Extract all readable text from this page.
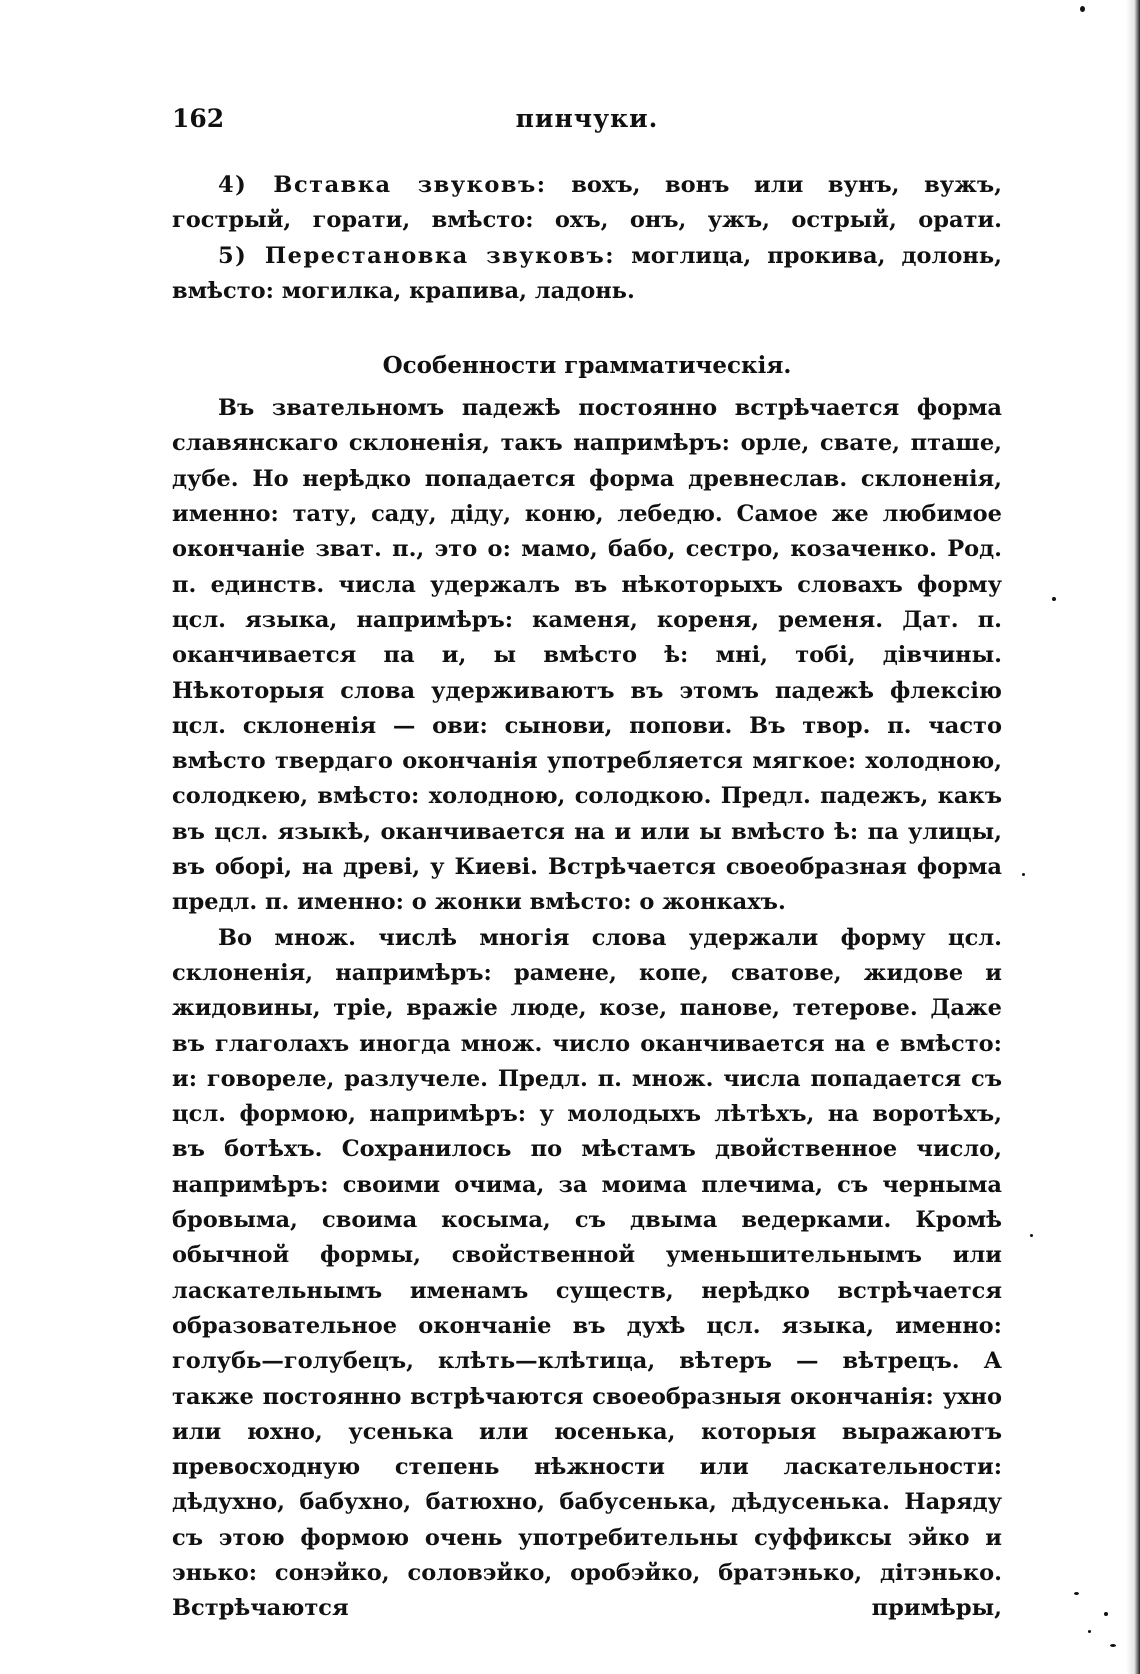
162	пинчуки.

4) Вставка звуковъ: вохъ, вонъ или вунъ, вужъ, гострый, горати, вмѣсто: охъ, онъ, ужъ, острый, орати.

5) Перестановка звуковъ: моглица, прокива, долонь, вмѣсто: могилка, крапива, ладонь.

Особенности грамматическія.

Въ звательномъ падежѣ постоянно встрѣчается форма славянскаго склоненія, такъ напримѣръ: орле, свате, пташе, дубе. Но нерѣдко попадается форма древнеслав. склоненія, именно: тату, саду, діду, коню, лебедю. Самое же любимое окончаніе зват. п., это о: мамо, бабо, сестро, козаченко. Род. п. единств. числа удержалъ въ нѣкоторыхъ словахъ форму цсл. языка, напримѣръ: каменя, кореня, ременя. Дат. п. оканчивается па и, ы вмѣсто ѣ: мні, тобі, дівчины. Нѣкоторыя слова удерживаютъ въ этомъ падежѣ флексію цсл. склоненія — ови: сынови, попови. Въ твор. п. часто вмѣсто твердаго окончанія употребляется мягкое: холодною, солодкею, вмѣсто: холодною, солодкою. Предл. падежъ, какъ въ цсл. языкѣ, оканчивается на и или ы вмѣсто ѣ: па улицы, въ оборі, на древі, у Киеві. Встрѣчается своеобразная форма предл. п. именно: о жонки вмѣсто: о жонкахъ.

Во множ. числѣ многія слова удержали форму цсл. склоненія, напримѣръ: рамене, копе, сватове, жидове и жидовины, тріе, вражіе люде, козе, панове, тетерове. Даже въ глаголахъ иногда множ. число оканчивается на е вмѣсто: и: говореле, разлучеле. Предл. п. множ. числа попадается съ цсл. формою, напримѣръ: у молодыхъ лѣтѣхъ, на воротѣхъ, въ ботѣхъ. Сохранилось по мѣстамъ двойственное число, напримѣръ: своими очима, за моима плечима, съ черныма бровыма, своима косыма, съ двыма ведерками. Кромѣ обычной формы, свойственной уменьшительнымъ или ласкательнымъ именамъ существ, нерѣдко встрѣчается образовательное окончаніе въ духѣ цсл. языка, именно: голубь—голубецъ, клѣть—клѣтица, вѣтеръ — вѣтрецъ. А также постоянно встрѣчаются своеобразныя окончанія: ухно или юхно, усенька или юсенька, которыя выражаютъ превосходную степень нѣжности или ласкательности: дѣдухно, бабухно, батюхно, бабусенька, дѣдусенька. Наряду съ этою формою очень употребительны суффиксы эйко и энько: сонэйко, соловэйко, оробэйко, братэнько, дітэнько. Встрѣчаются примѣры,
